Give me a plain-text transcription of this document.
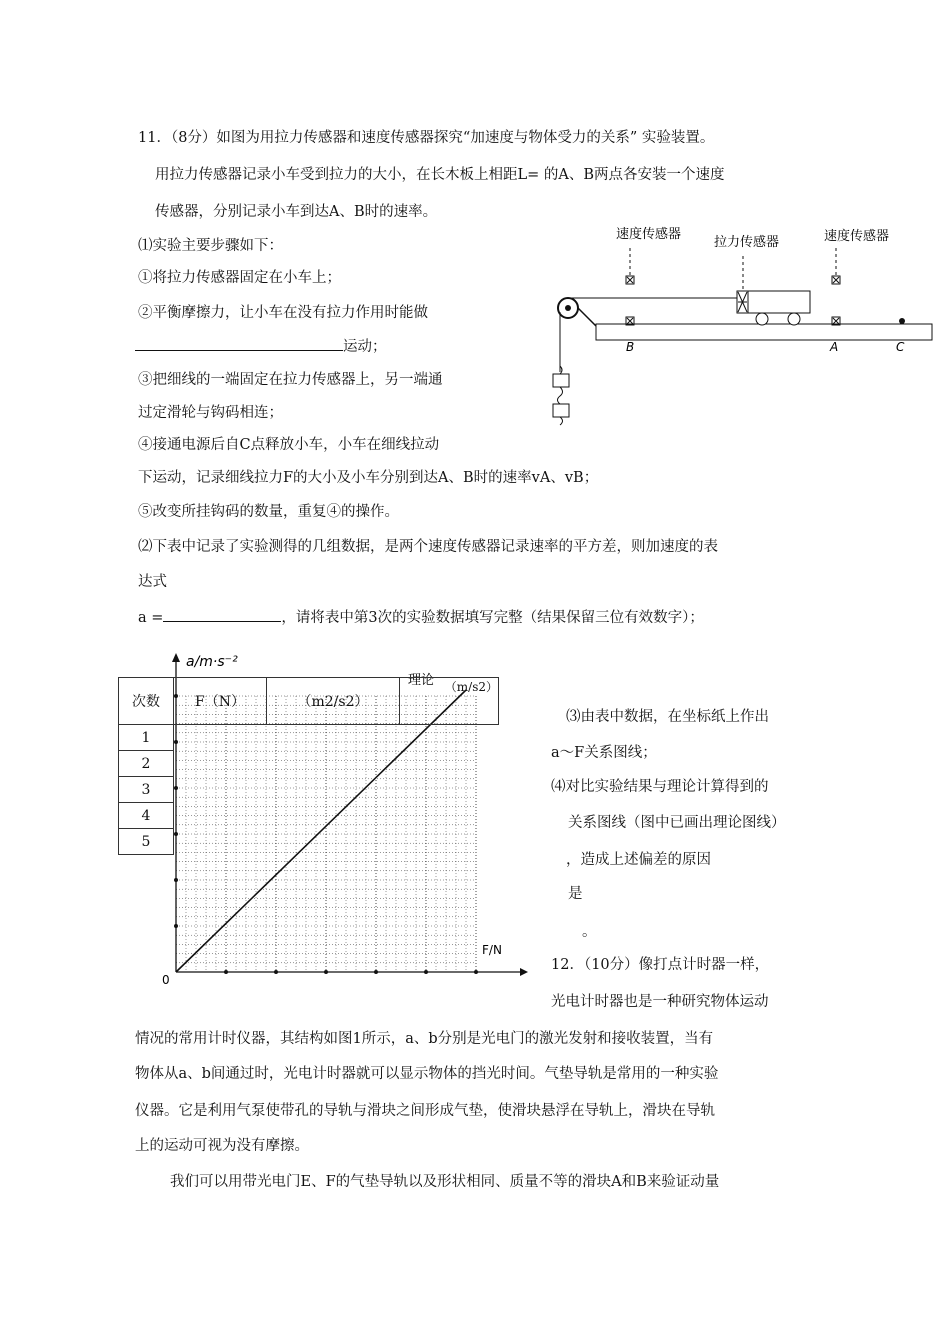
11．（8分）如图为用拉力传感器和速度传感器探究“加速度与物体受力的关系” 实验装置。
用拉力传感器记录小车受到拉力的大小，在长木板上相距L= 的A、B两点各安装一个速度
传感器，分别记录小车到达A、B时的速率。
⑴实验主要步骤如下：
①将拉力传感器固定在小车上；
②平衡摩擦力，让小车在没有拉力作用时能做
运动；
③把细线的一端固定在拉力传感器上，另一端通
过定滑轮与钩码相连；
④接通电源后自C点释放小车，小车在细线拉动
下运动，记录细线拉力F的大小及小车分别到达A、B时的速率vA、vB；
⑤改变所挂钩码的数量，重复④的操作。
⑵下表中记录了实验测得的几组数据，是两个速度传感器记录速率的平方差，则加速度的表
达式
a =	，请将表中第3次的实验数据填写完整（结果保留三位有效数字）；
速度传感器
拉力传感器	速度传感器
B	A	C
a/m·s⁻²
F/N
0
理论
次数	F（N）	（m2/s2）	（m/s2）
1
2
3
4
5
⑶由表中数据，在坐标纸上作出
a～F关系图线；
⑷对比实验结果与理论计算得到的
关系图线（图中已画出理论图线）
，造成上述偏差的原因
是
。
12．（10分）像打点计时器一样，
光电计时器也是一种研究物体运动
情况的常用计时仪器，其结构如图1所示，a、b分别是光电门的激光发射和接收装置，当有
物体从a、b间通过时，光电计时器就可以显示物体的挡光时间。气垫导轨是常用的一种实验
仪器。它是利用气泵使带孔的导轨与滑块之间形成气垫，使滑块悬浮在导轨上，滑块在导轨
上的运动可视为没有摩擦。
我们可以用带光电门E、F的气垫导轨以及形状相同、质量不等的滑块A和B来验证动量
